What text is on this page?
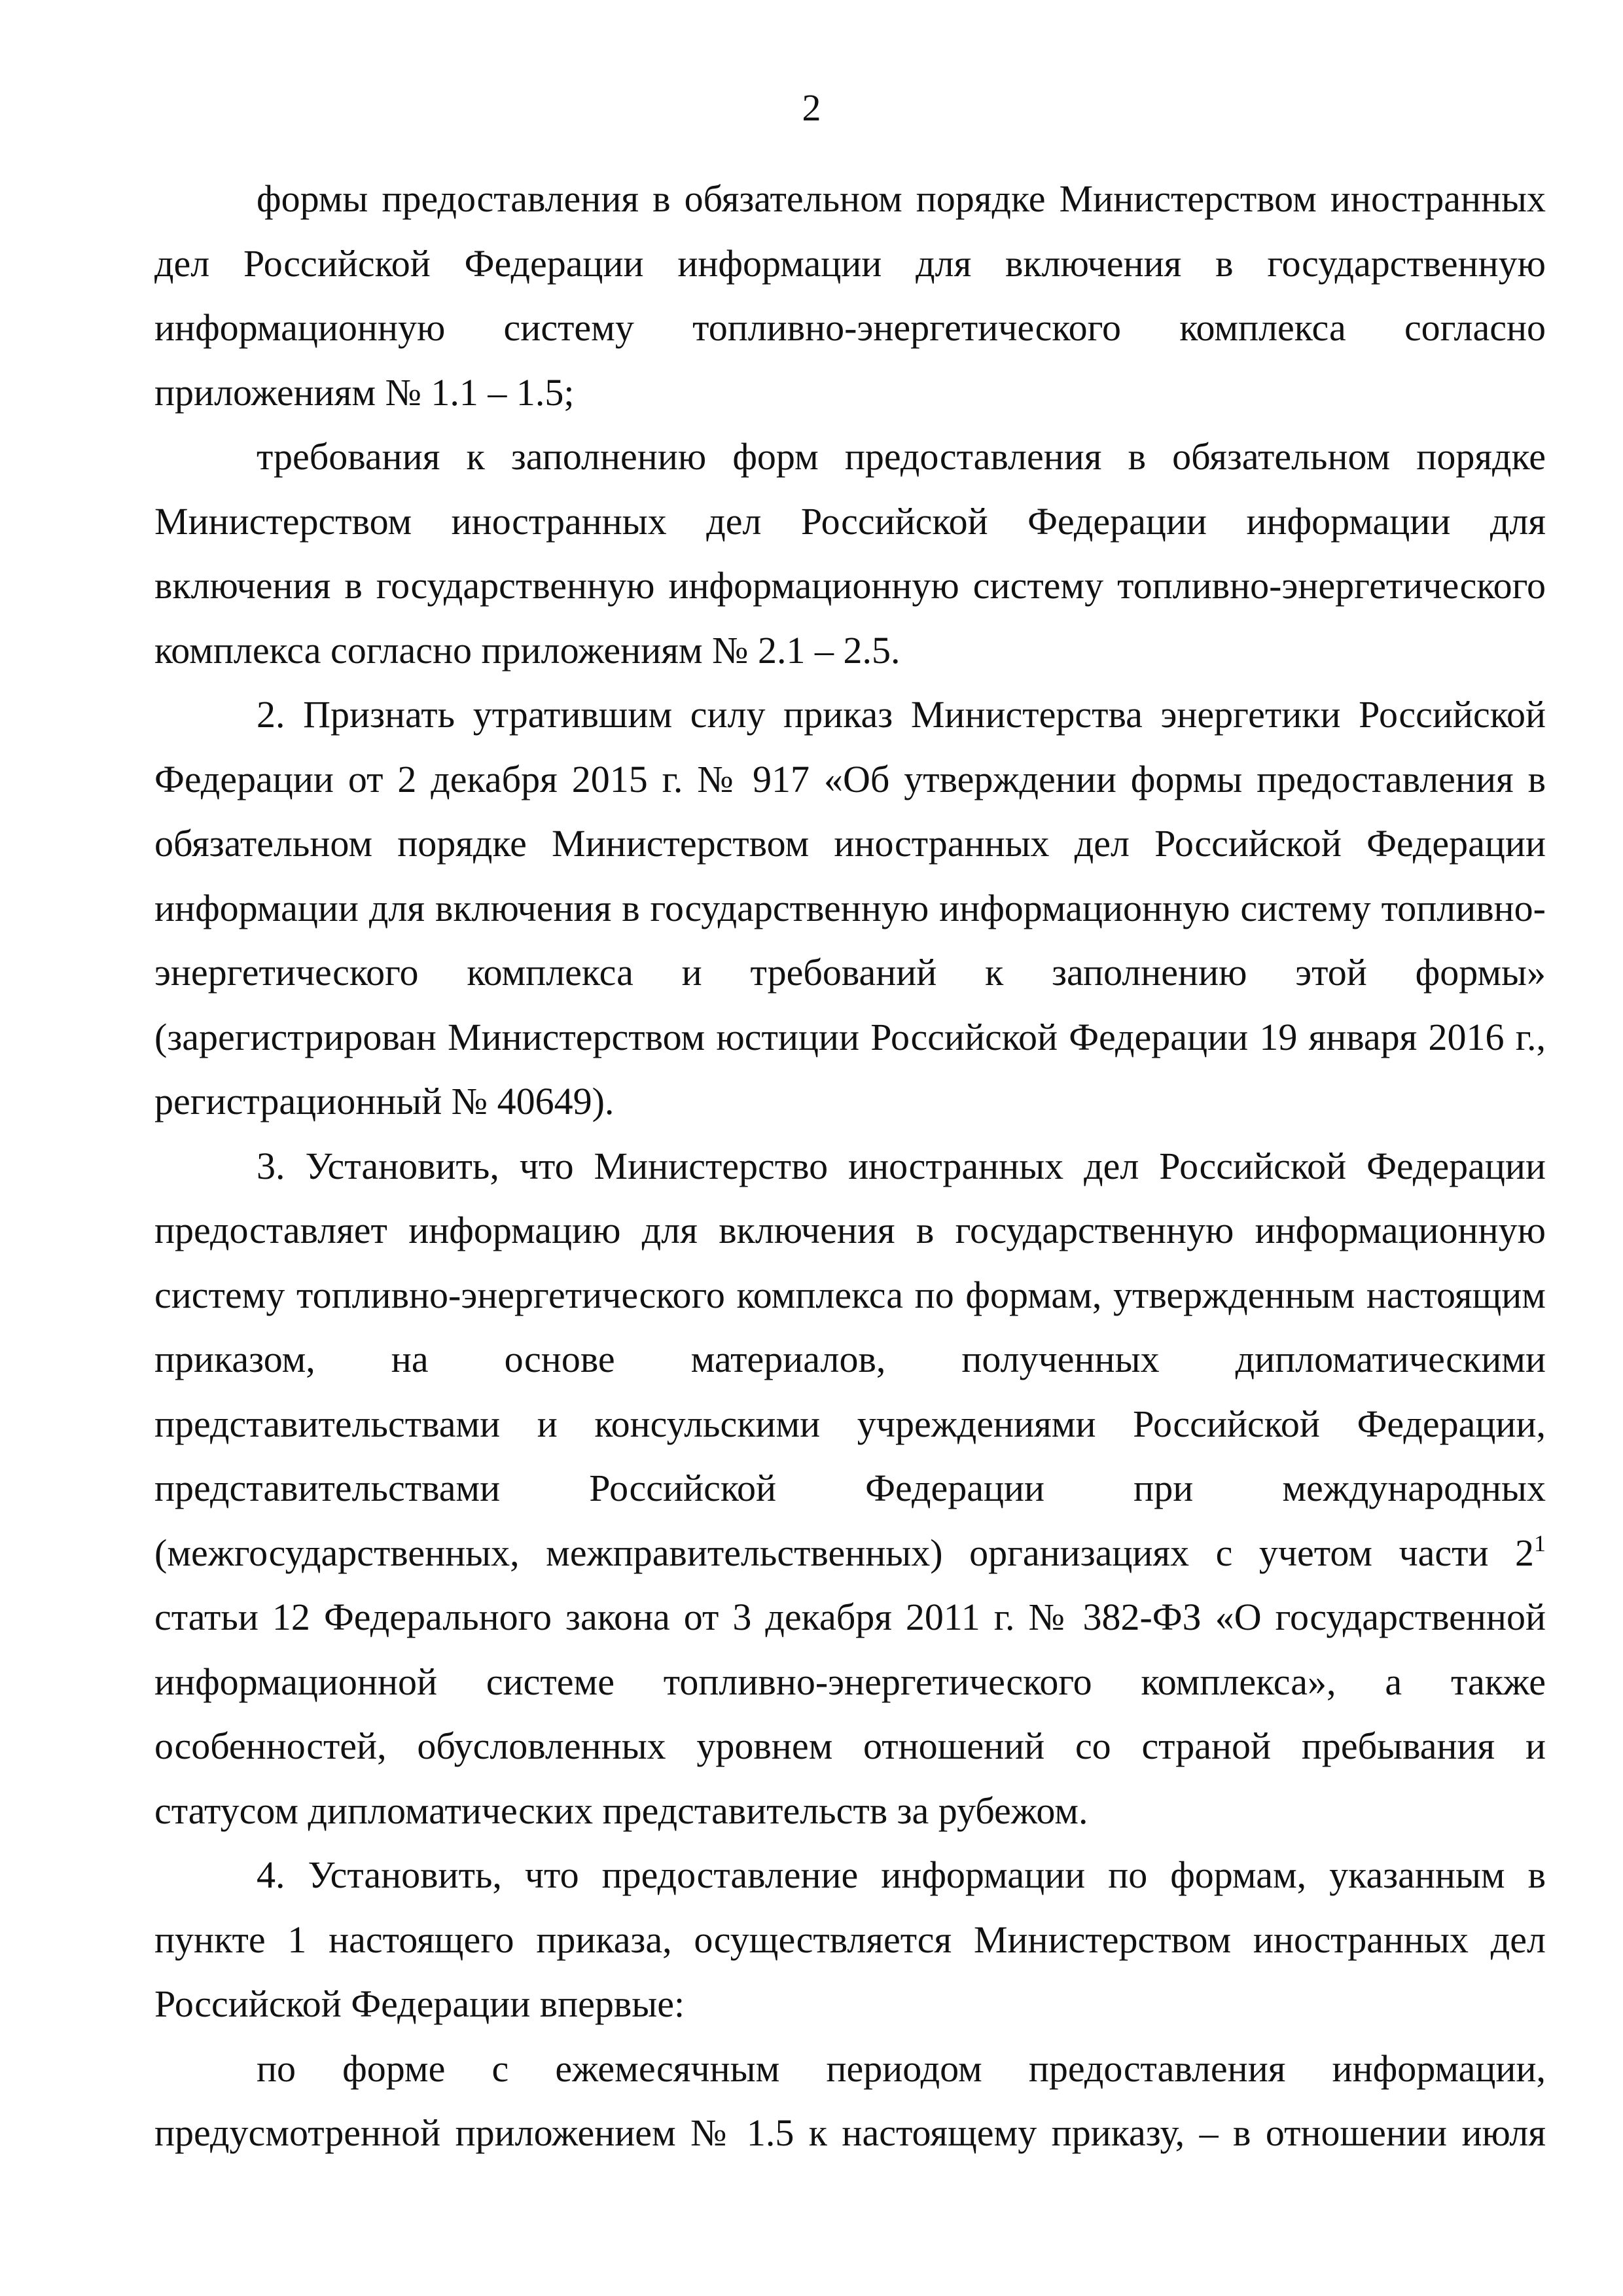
2

формы предоставления в обязательном порядке Министерством иностранных дел Российской Федерации информации для включения в государственную информационную систему топливно-энергетического комплекса согласно приложениям № 1.1 – 1.5;

требования к заполнению форм предоставления в обязательном порядке Министерством иностранных дел Российской Федерации информации для включения в государственную информационную систему топливно-энергетического комплекса согласно приложениям № 2.1 – 2.5.

2. Признать утратившим силу приказ Министерства энергетики Российской Федерации от 2 декабря 2015 г. № 917 «Об утверждении формы предоставления в обязательном порядке Министерством иностранных дел Российской Федерации информации для включения в государственную информационную систему топливно-энергетического комплекса и требований к заполнению этой формы» (зарегистрирован Министерством юстиции Российской Федерации 19 января 2016 г., регистрационный № 40649).

3. Установить, что Министерство иностранных дел Российской Федерации предоставляет информацию для включения в государственную информационную систему топливно-энергетического комплекса по формам, утвержденным настоящим приказом, на основе материалов, полученных дипломатическими представительствами и консульскими учреждениями Российской Федерации, представительствами Российской Федерации при международных (межгосударственных, межправительственных) организациях с учетом части $2^1$ статьи 12 Федерального закона от 3 декабря 2011 г. № 382-ФЗ «О государственной информационной системе топливно-энергетического комплекса», а также особенностей, обусловленных уровнем отношений со страной пребывания и статусом дипломатических представительств за рубежом.

4. Установить, что предоставление информации по формам, указанным в пункте 1 настоящего приказа, осуществляется Министерством иностранных дел Российской Федерации впервые:

по форме с ежемесячным периодом предоставления информации, предусмотренной приложением № 1.5 к настоящему приказу, – в отношении июля
